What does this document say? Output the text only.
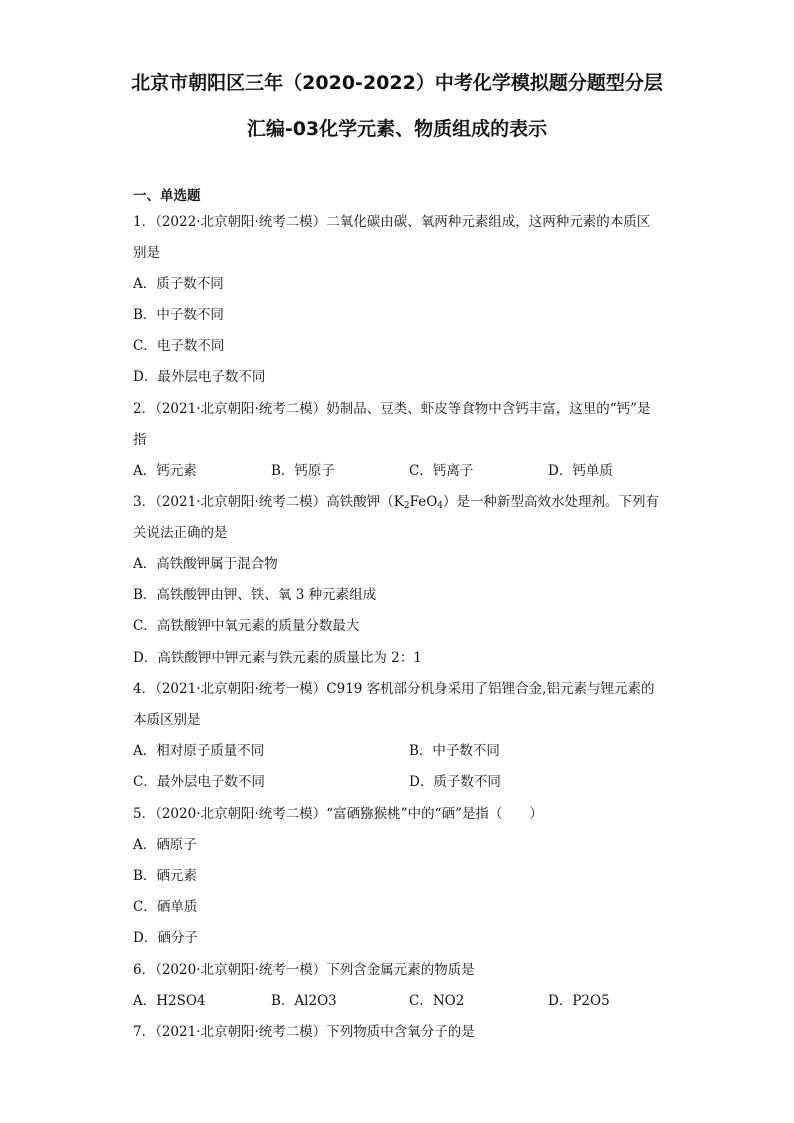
北京市朝阳区三年（2020-2022）中考化学模拟题分题型分层
汇编-03化学元素、物质组成的表示
一、单选题
1．（2022·北京朝阳·统考二模）二氧化碳由碳、氧两种元素组成，这两种元素的本质区
别是
A．质子数不同
B．中子数不同
C．电子数不同
D．最外层电子数不同
2．（2021·北京朝阳·统考二模）奶制品、豆类、虾皮等食物中含钙丰富，这里的“钙”是
指
A．钙元素	B．钙原子	C．钙离子	D．钙单质
3．（2021·北京朝阳·统考二模）高铁酸钾$(K_2FeO_4)$是一种新型高效水处理剂。下列有
关说法正确的是
A．高铁酸钾属于混合物
B．高铁酸钾由钾、铁、氧 3 种元素组成
C．高铁酸钾中氧元素的质量分数最大
D．高铁酸钾中钾元素与铁元素的质量比为 2：1
4．（2021·北京朝阳·统考一模）C919 客机部分机身采用了铝锂合金,铝元素与锂元素的
本质区别是
A．相对原子质量不同	B．中子数不同
C．最外层电子数不同	D．质子数不同
5．（2020·北京朝阳·统考二模）“富硒猕猴桃”中的“硒”是指（　　）
A．硒原子
B．硒元素
C．硒单质
D．硒分子
6．（2020·北京朝阳·统考一模）下列含金属元素的物质是
A．H2SO4	B．Al2O3	C．NO2	D．P2O5
7．（2021·北京朝阳·统考二模）下列物质中含氧分子的是
